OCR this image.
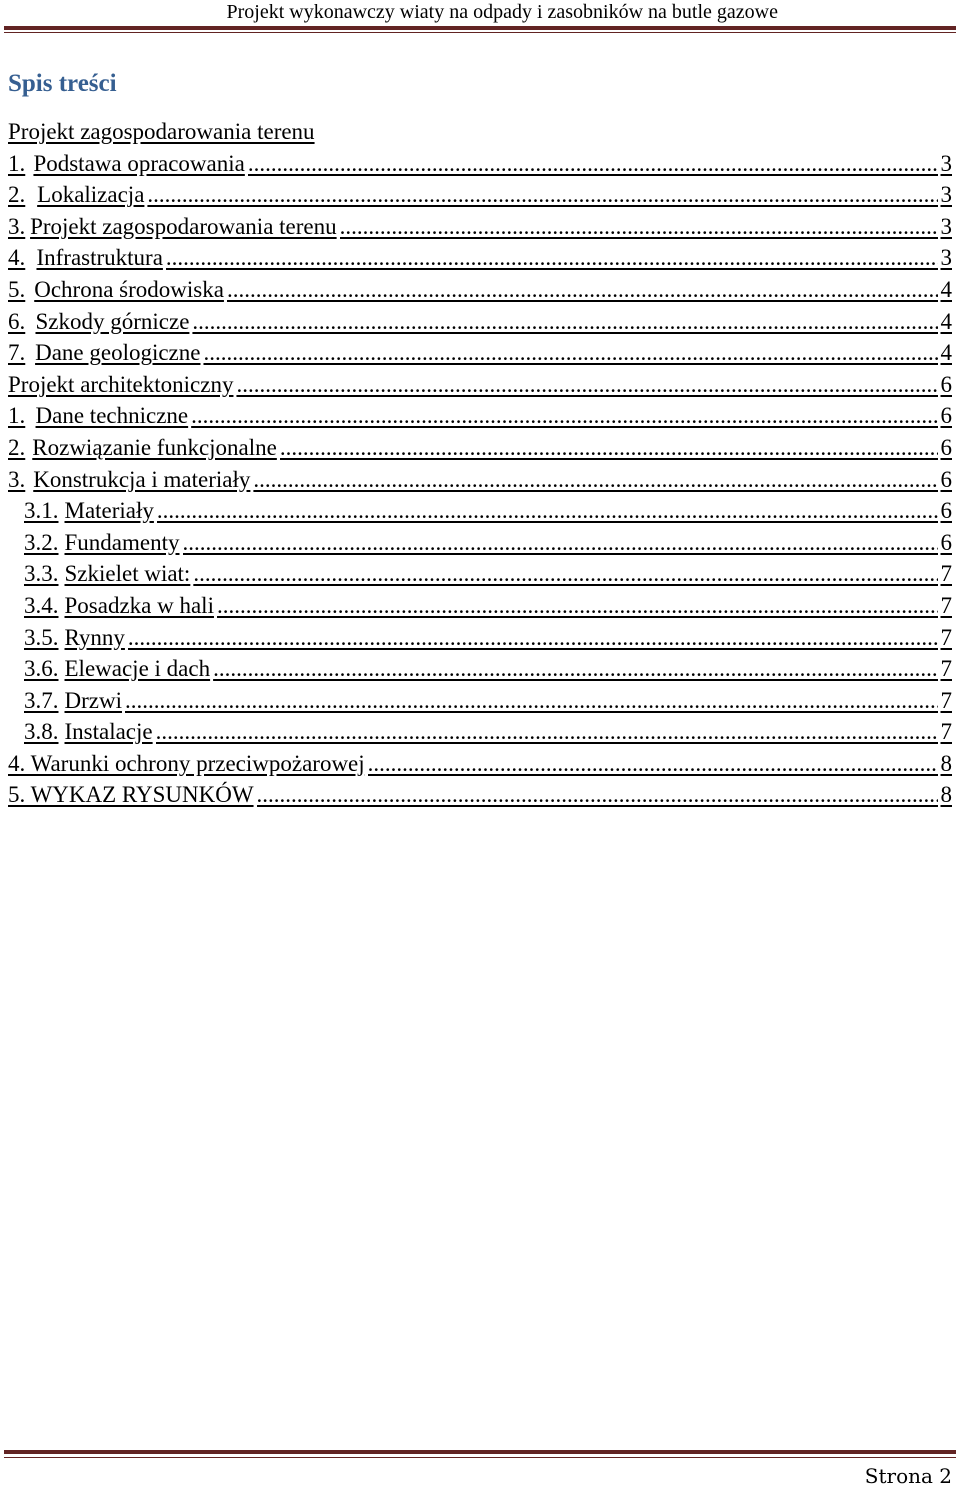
Projekt wykonawczy wiaty na odpady i zasobników na butle gazowe
Spis treści
Projekt zagospodarowania terenu
1. Podstawa opracowania .....	3
2. Lokalizacja .....	3
3. Projekt zagospodarowania terenu .....	3
4. Infrastruktura .....	3
5. Ochrona środowiska .....	4
6. Szkody górnicze .....	4
7. Dane geologiczne .....	4
Projekt architektoniczny .....	6
1. Dane techniczne .....	6
2. Rozwiązanie funkcjonalne .....	6
3. Konstrukcja i materiały .....	6
3.1. Materiały .....	6
3.2. Fundamenty .....	6
3.3. Szkielet wiat: .....	7
3.4. Posadzka w hali .....	7
3.5. Rynny .....	7
3.6. Elewacje i dach .....	7
3.7. Drzwi .....	7
3.8. Instalacje .....	7
4. Warunki ochrony przeciwpożarowej .....	8
5. WYKAZ RYSUNKÓW .....	8
Strona 2
